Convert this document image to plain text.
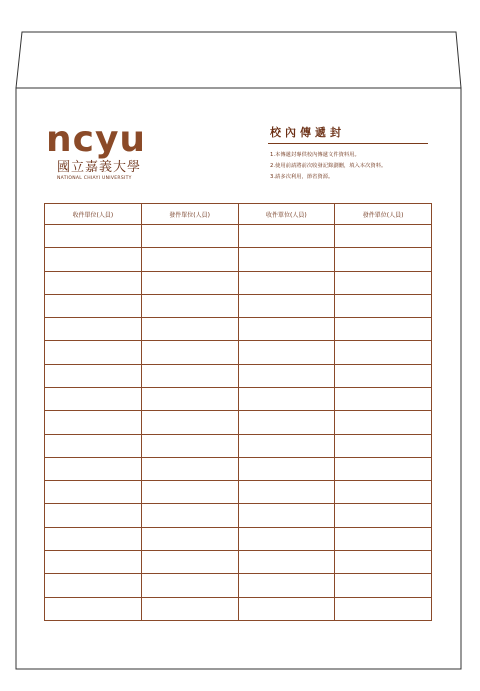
ncyu
國立嘉義大學
NATIONAL CHIAYI UNIVERSITY
校內傳遞封
1.本傳遞封專供校內傳遞文件資料用。
2.使用前請將前次收發記錄劃刪，填入本次資料。
3.請多次利用，節省資源。
收件單位(人員)	發件單位(人員)	收件單位(人員)	發件單位(人員)
